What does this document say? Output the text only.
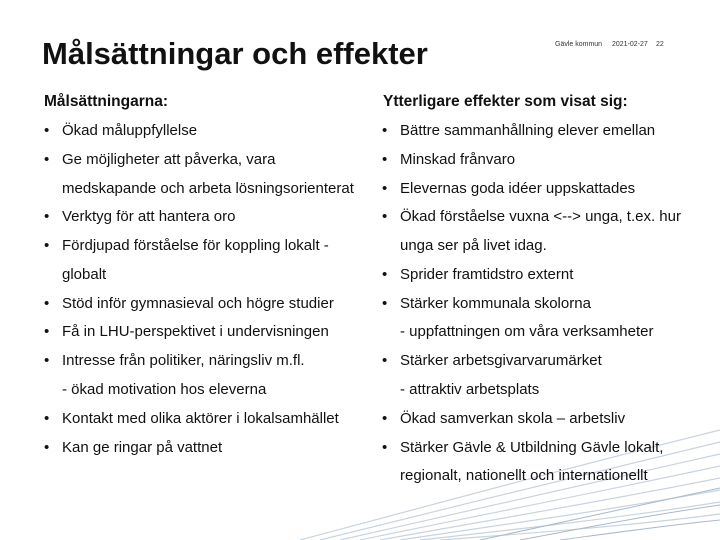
Målsättningar och effekter	Gävle kommun 2021-02-27 22
Målsättningarna:	Ytterligare effekter som visat sig:
• Ökad måluppfyllelse
• Ge möjligheter att påverka, vara
medskapande och arbeta lösningsorienterat
• Verktyg för att hantera oro
• Fördjupad förståelse för koppling lokalt -
globalt
• Stöd inför gymnasieval och högre studier
• Få in LHU-perspektivet i undervisningen
• Intresse från politiker, näringsliv m.fl.
- ökad motivation hos eleverna
• Kontakt med olika aktörer i lokalsamhället
• Kan ge ringar på vattnet
• Bättre sammanhållning elever emellan
• Minskad frånvaro
• Elevernas goda idéer uppskattades
• Ökad förståelse vuxna <--> unga, t.ex. hur
unga ser på livet idag.
• Sprider framtidstro externt
• Stärker kommunala skolorna
- uppfattningen om våra verksamheter
• Stärker arbetsgivarvarumärket
- attraktiv arbetsplats
• Ökad samverkan skola – arbetsliv
• Stärker Gävle & Utbildning Gävle lokalt,
regionalt, nationellt och internationellt
